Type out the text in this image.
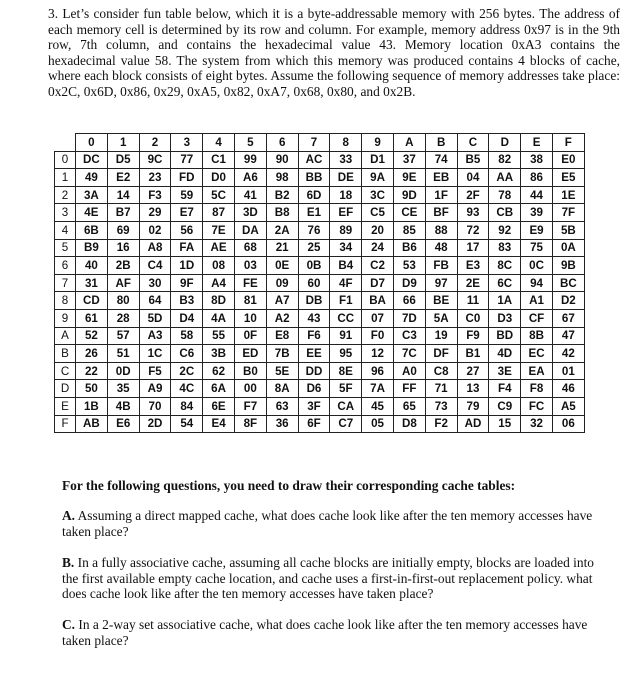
3. Let’s consider fun table below, which it is a byte-addressable memory with 256 bytes. The address of each memory cell is determined by its row and column. For example, memory address 0x97 is in the 9th row, 7th column, and contains the hexadecimal value 43. Memory location 0xA3 contains the hexadecimal value 58. The system from which this memory was produced contains 4 blocks of cache, where each block consists of eight bytes. Assume the following sequence of memory addresses take place: 0x2C, 0x6D, 0x86, 0x29, 0xA5, 0x82, 0xA7, 0x68, 0x80, and 0x2B.

	0	1	2	3	4	5	6	7	8	9	A	B	C	D	E	F
0	DC	D5	9C	77	C1	99	90	AC	33	D1	37	74	B5	82	38	E0
1	49	E2	23	FD	D0	A6	98	BB	DE	9A	9E	EB	04	AA	86	E5
2	3A	14	F3	59	5C	41	B2	6D	18	3C	9D	1F	2F	78	44	1E
3	4E	B7	29	E7	87	3D	B8	E1	EF	C5	CE	BF	93	CB	39	7F
4	6B	69	02	56	7E	DA	2A	76	89	20	85	88	72	92	E9	5B
5	B9	16	A8	FA	AE	68	21	25	34	24	B6	48	17	83	75	0A
6	40	2B	C4	1D	08	03	0E	0B	B4	C2	53	FB	E3	8C	0C	9B
7	31	AF	30	9F	A4	FE	09	60	4F	D7	D9	97	2E	6C	94	BC
8	CD	80	64	B3	8D	81	A7	DB	F1	BA	66	BE	11	1A	A1	D2
9	61	28	5D	D4	4A	10	A2	43	CC	07	7D	5A	C0	D3	CF	67
A	52	57	A3	58	55	0F	E8	F6	91	F0	C3	19	F9	BD	8B	47
B	26	51	1C	C6	3B	ED	7B	EE	95	12	7C	DF	B1	4D	EC	42
C	22	0D	F5	2C	62	B0	5E	DD	8E	96	A0	C8	27	3E	EA	01
D	50	35	A9	4C	6A	00	8A	D6	5F	7A	FF	71	13	F4	F8	46
E	1B	4B	70	84	6E	F7	63	3F	CA	45	65	73	79	C9	FC	A5
F	AB	E6	2D	54	E4	8F	36	6F	C7	05	D8	F2	AD	15	32	06

For the following questions, you need to draw their corresponding cache tables:

A. Assuming a direct mapped cache, what does cache look like after the ten memory accesses have taken place?

B. In a fully associative cache, assuming all cache blocks are initially empty, blocks are loaded into the first available empty cache location, and cache uses a first-in-first-out replacement policy. what does cache look like after the ten memory accesses have taken place?

C. In a 2-way set associative cache, what does cache look like after the ten memory accesses have taken place?
